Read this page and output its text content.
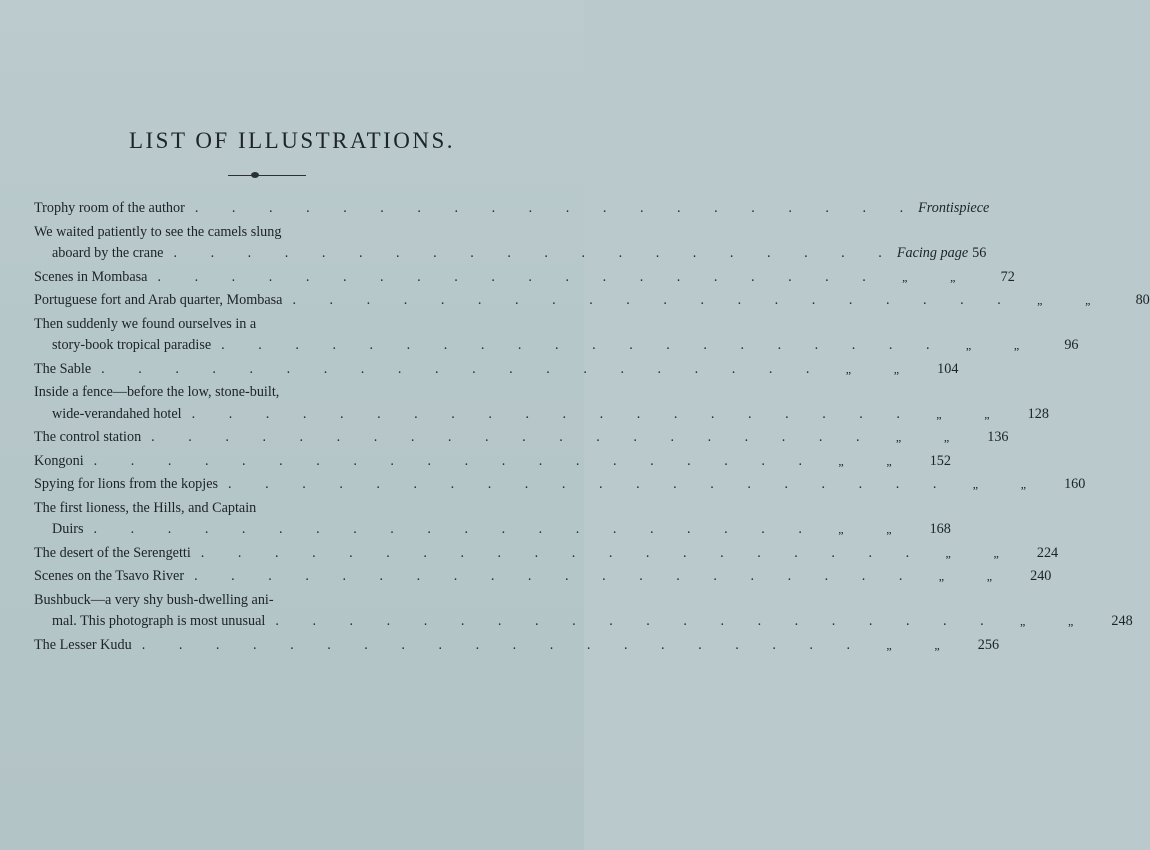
LIST OF ILLUSTRATIONS.
Trophy room of the author . . . . . . . . . . . . . . . . . . . . Frontispiece
We waited patiently to see the camels slung
aboard by the crane . . . . . . . . . . . . . . . . . . . . Facing page 56
Scenes in Mombasa . . . . . . . . . . . . . . . . . . . .	„	„	72
Portuguese fort and Arab quarter, Mombasa . . . . . . . . . . . . . . . . . . . .	„	„	80
Then suddenly we found ourselves in a
story-book tropical paradise . . . . . . . . . . . . . . . . . . . .	„	„	96
The Sable . . . . . . . . . . . . . . . . . . . .	„	„	104
Inside a fence—before the low, stone-built,
wide-verandahed hotel . . . . . . . . . . . . . . . . . . . .	„	„	128
The control station . . . . . . . . . . . . . . . . . . . .	„	„	136
Kongoni . . . . . . . . . . . . . . . . . . . .	„	„	152
Spying for lions from the kopjes . . . . . . . . . . . . . . . . . . . .	„	„	160
The first lioness, the Hills, and Captain
Duirs . . . . . . . . . . . . . . . . . . . .	„	„	168
The desert of the Serengetti . . . . . . . . . . . . . . . . . . . .	„	„	224
Scenes on the Tsavo River . . . . . . . . . . . . . . . . . . . .	„	„	240
Bushbuck—a very shy bush-dwelling ani-
mal. This photograph is most unusual . . . . . . . . . . . . . . . . . . . .	„	„	248
The Lesser Kudu . . . . . . . . . . . . . . . . . . . .	„	„	256
